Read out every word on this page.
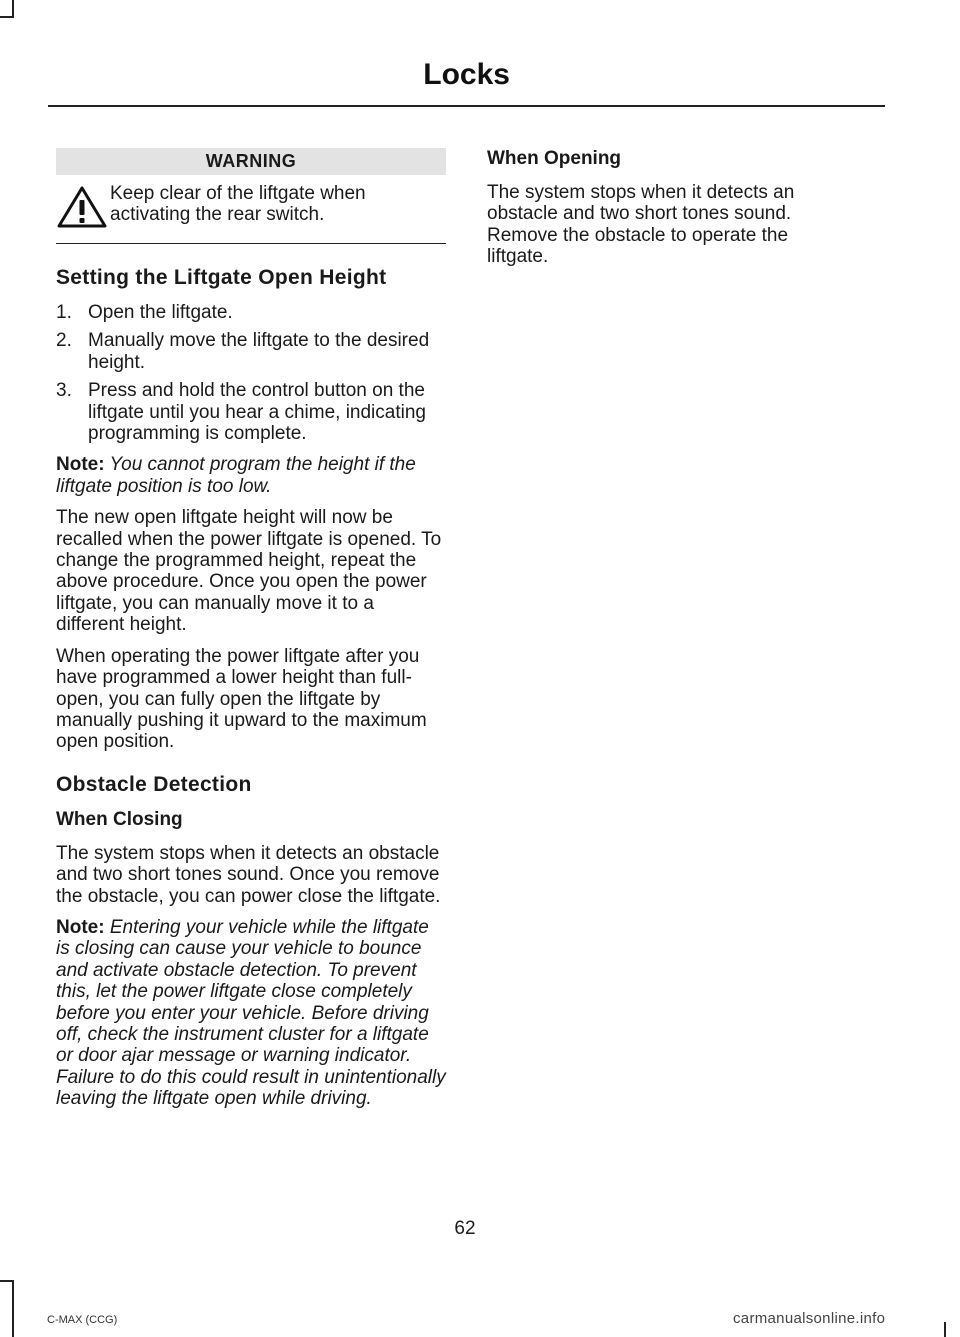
Locks
WARNING
Keep clear of the liftgate when activating the rear switch.
Setting the Liftgate Open Height
1. Open the liftgate.
2. Manually move the liftgate to the desired height.
3. Press and hold the control button on the liftgate until you hear a chime, indicating programming is complete.

Note: You cannot program the height if the liftgate position is too low.

The new open liftgate height will now be recalled when the power liftgate is opened. To change the programmed height, repeat the above procedure. Once you open the power liftgate, you can manually move it to a different height.

When operating the power liftgate after you have programmed a lower height than full-open, you can fully open the liftgate by manually pushing it upward to the maximum open position.

Obstacle Detection
When Closing

The system stops when it detects an obstacle and two short tones sound. Once you remove the obstacle, you can power close the liftgate.

Note: Entering your vehicle while the liftgate is closing can cause your vehicle to bounce and activate obstacle detection. To prevent this, let the power liftgate close completely before you enter your vehicle. Before driving off, check the instrument cluster for a liftgate or door ajar message or warning indicator. Failure to do this could result in unintentionally leaving the liftgate open while driving.

When Opening

The system stops when it detects an obstacle and two short tones sound. Remove the obstacle to operate the liftgate.

62
C-MAX (CCG)	carmanualsonline.info
